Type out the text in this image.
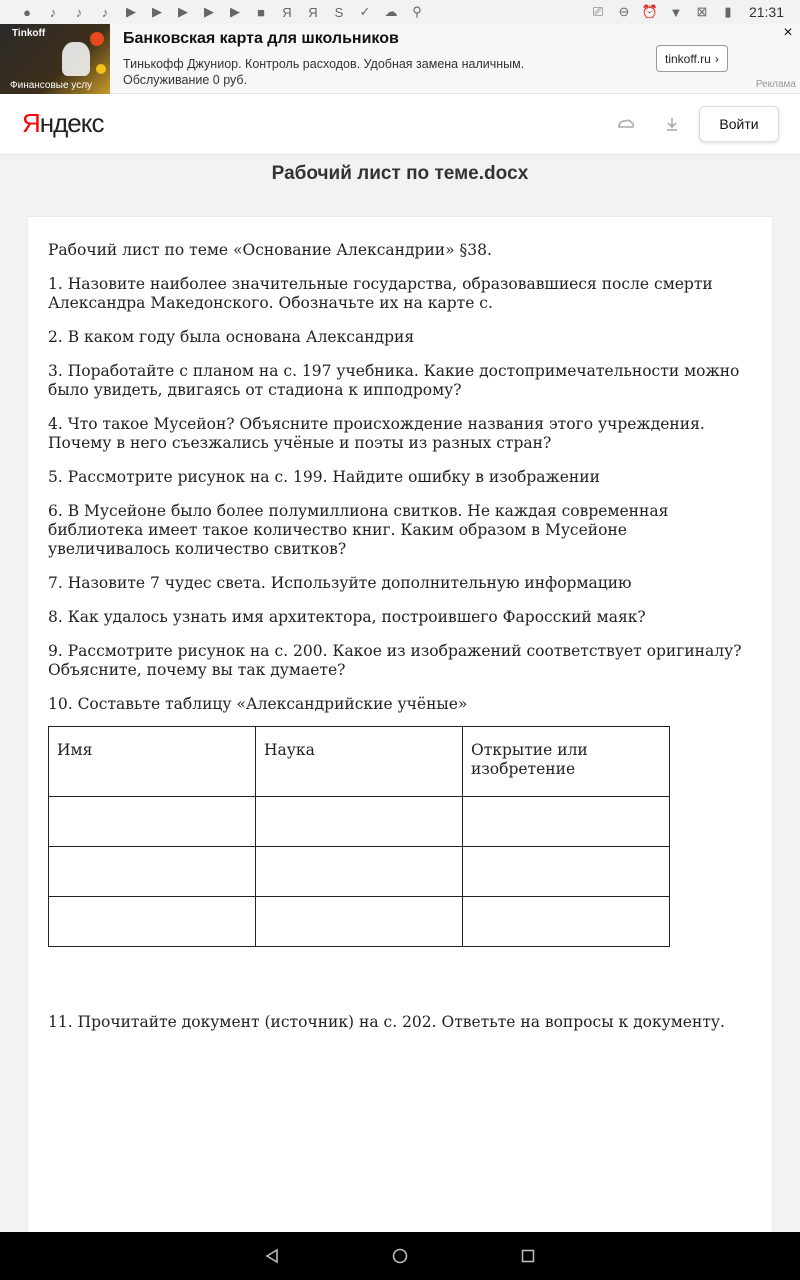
●	♪	♪	♪	▶	▶	▶	▶	▶	■	Я	Я	S	✓ ☁	⚲	⎚ ⊖ ⏰ ▼ ⊠	▮	21:31
Tinkoff
Финансовые услу
Банковская карта для школьников
Тинькофф Джуниор. Контроль расходов. Удобная замена наличным. Обслуживание 0 руб.
tinkoff.ru ›
×
Реклама
Яндекс	Войти
Рабочий лист по теме.docx

Рабочий лист по теме «Основание Александрии» §38.

1. Назовите наиболее значительные государства, образовавшиеся после смерти Александра Македонского. Обозначьте их на карте с.

2. В каком году была основана Александрия

3. Поработайте с планом на с. 197 учебника. Какие достопримечательности можно было увидеть, двигаясь от стадиона к ипподрому?

4. Что такое Мусейон? Объясните происхождение названия этого учреждения. Почему в него съезжались учёные и поэты из разных стран?

5. Рассмотрите рисунок на с. 199. Найдите ошибку в изображении

6. В Мусейоне было более полумиллиона свитков. Не каждая современная библиотека имеет такое количество книг. Каким образом в Мусейоне увеличивалось количество свитков?

7. Назовите 7 чудес света. Используйте дополнительную информацию

8. Как удалось узнать имя архитектора, построившего Фаросский маяк?

9. Рассмотрите рисунок на с. 200. Какое из изображений соответствует оригиналу? Объясните, почему вы так думаете?

10. Составьте таблицу «Александрийские учёные»

Имя	Наука	Открытие или изобретение

11. Прочитайте документ (источник) на с. 202. Ответьте на вопросы к документу.
